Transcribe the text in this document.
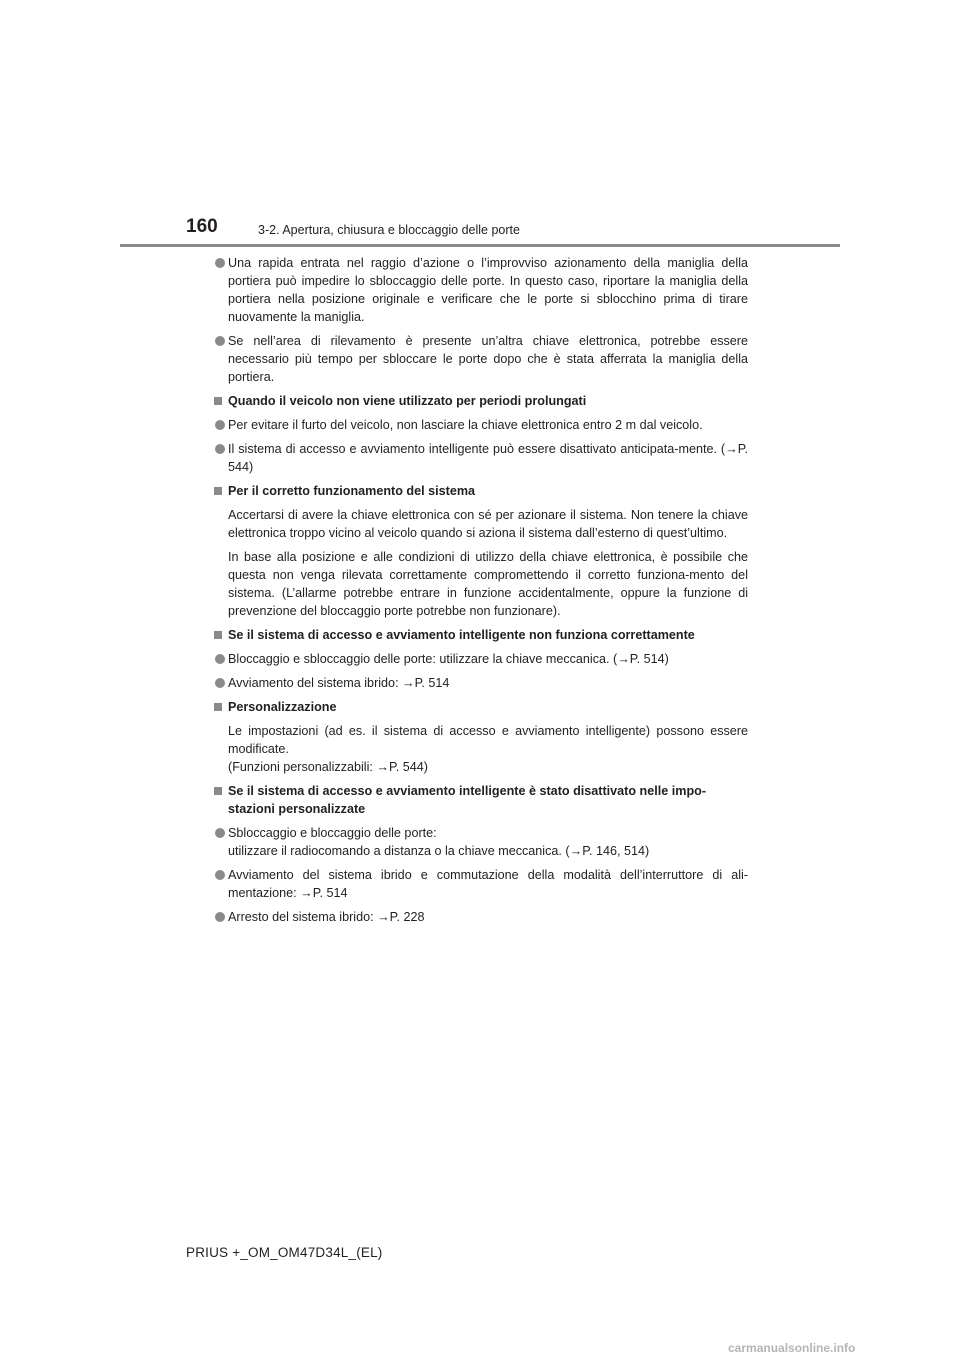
160	3-2. Apertura, chiusura e bloccaggio delle porte
Una rapida entrata nel raggio d’azione o l’improvviso azionamento della maniglia della portiera può impedire lo sbloccaggio delle porte. In questo caso, riportare la maniglia della portiera nella posizione originale e verificare che le porte si sblocchino prima di tirare nuovamente la maniglia.
Se nell’area di rilevamento è presente un’altra chiave elettronica, potrebbe essere necessario più tempo per sbloccare le porte dopo che è stata afferrata la maniglia della portiera.
Quando il veicolo non viene utilizzato per periodi prolungati
Per evitare il furto del veicolo, non lasciare la chiave elettronica entro 2 m dal veicolo.
Il sistema di accesso e avviamento intelligente può essere disattivato anticipata-mente. (→P. 544)
Per il corretto funzionamento del sistema
Accertarsi di avere la chiave elettronica con sé per azionare il sistema. Non tenere la chiave elettronica troppo vicino al veicolo quando si aziona il sistema dall’esterno di quest’ultimo.
In base alla posizione e alle condizioni di utilizzo della chiave elettronica, è possibile che questa non venga rilevata correttamente compromettendo il corretto funziona-mento del sistema. (L’allarme potrebbe entrare in funzione accidentalmente, oppure la funzione di prevenzione del bloccaggio porte potrebbe non funzionare).
Se il sistema di accesso e avviamento intelligente non funziona correttamente
Bloccaggio e sbloccaggio delle porte: utilizzare la chiave meccanica. (→P. 514)
Avviamento del sistema ibrido: →P. 514
Personalizzazione
Le impostazioni (ad es. il sistema di accesso e avviamento intelligente) possono essere modificate.
(Funzioni personalizzabili: →P. 544)
Se il sistema di accesso e avviamento intelligente è stato disattivato nelle impo-stazioni personalizzate
Sbloccaggio e bloccaggio delle porte:
utilizzare il radiocomando a distanza o la chiave meccanica. (→P. 146, 514)
Avviamento del sistema ibrido e commutazione della modalità dell’interruttore di ali-mentazione: →P. 514
Arresto del sistema ibrido: →P. 228
PRIUS +_OM_OM47D34L_(EL)
carmanualsonline.info
